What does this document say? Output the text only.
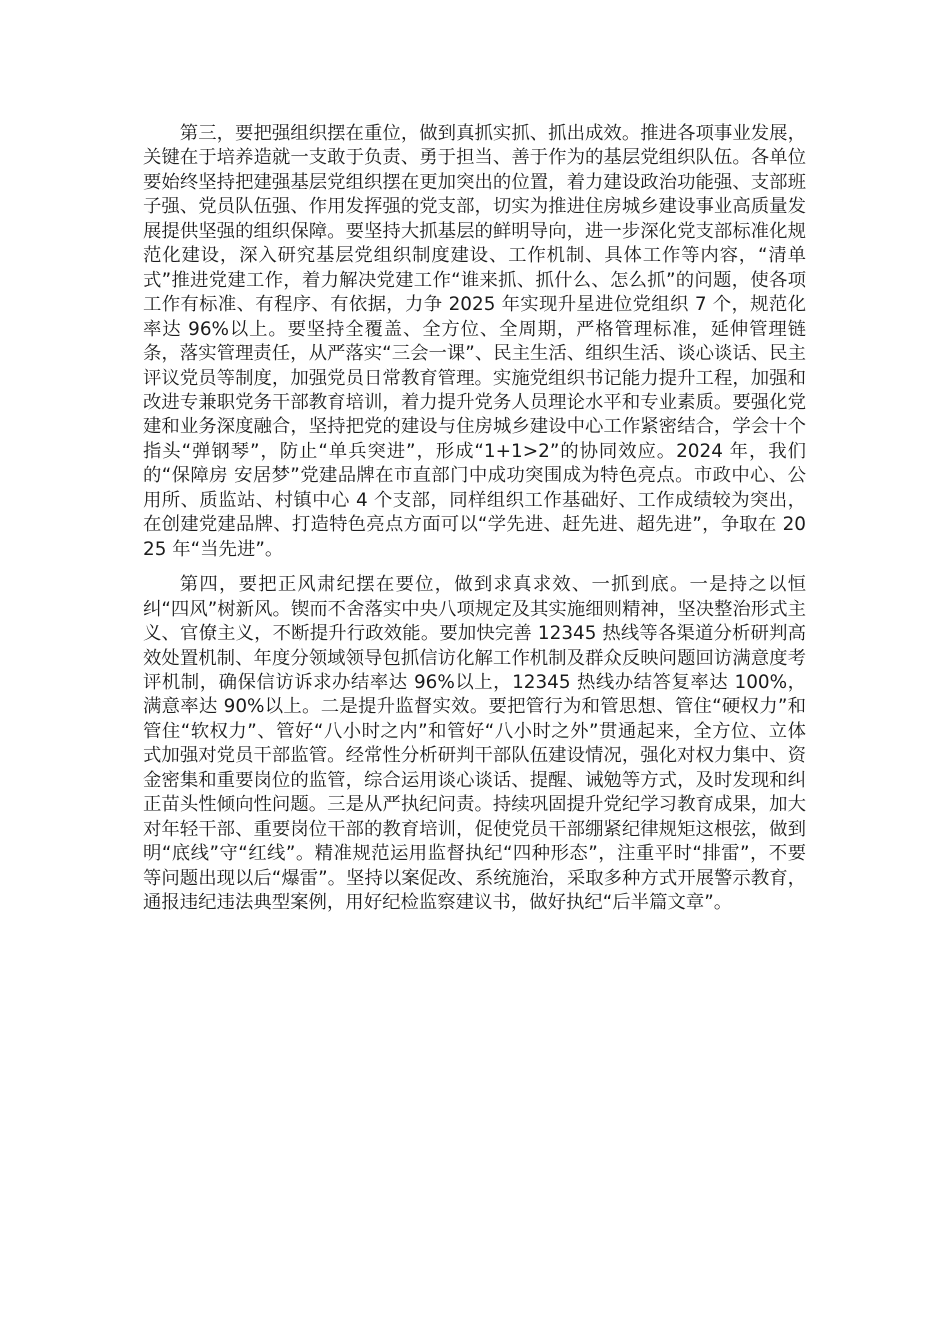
第三，要把强组织摆在重位，做到真抓实抓、抓出成效。推进各项事业发展，关键在于培养造就一支敢于负责、勇于担当、善于作为的基层党组织队伍。各单位要始终坚持把建强基层党组织摆在更加突出的位置，着力建设政治功能强、支部班子强、党员队伍强、作用发挥强的党支部，切实为推进住房城乡建设事业高质量发展提供坚强的组织保障。要坚持大抓基层的鲜明导向，进一步深化党支部标准化规范化建设，深入研究基层党组织制度建设、工作机制、具体工作等内容，“清单式”推进党建工作，着力解决党建工作“谁来抓、抓什么、怎么抓”的问题，使各项工作有标准、有程序、有依据，力争 2025 年实现升星进位党组织 7 个，规范化率达 96%以上。要坚持全覆盖、全方位、全周期，严格管理标准，延伸管理链条，落实管理责任，从严落实“三会一课”、民主生活、组织生活、谈心谈话、民主评议党员等制度，加强党员日常教育管理。实施党组织书记能力提升工程，加强和改进专兼职党务干部教育培训，着力提升党务人员理论水平和专业素质。要强化党建和业务深度融合，坚持把党的建设与住房城乡建设中心工作紧密结合，学会十个指头“弹钢琴”，防止“单兵突进”，形成“1+1>2”的协同效应。2024 年，我们的“保障房 安居梦”党建品牌在市直部门中成功突围成为特色亮点。市政中心、公用所、质监站、村镇中心 4 个支部，同样组织工作基础好、工作成绩较为突出，在创建党建品牌、打造特色亮点方面可以“学先进、赶先进、超先进”，争取在 2025 年“当先进”。

第四，要把正风肃纪摆在要位，做到求真求效、一抓到底。一是持之以恒纠“四风”树新风。锲而不舍落实中央八项规定及其实施细则精神，坚决整治形式主义、官僚主义，不断提升行政效能。要加快完善 12345 热线等各渠道分析研判高效处置机制、年度分领域领导包抓信访化解工作机制及群众反映问题回访满意度考评机制，确保信访诉求办结率达 96%以上，12345 热线办结答复率达 100%，满意率达 90%以上。二是提升监督实效。要把管行为和管思想、管住“硬权力”和管住“软权力”、管好“八小时之内”和管好“八小时之外”贯通起来，全方位、立体式加强对党员干部监管。经常性分析研判干部队伍建设情况，强化对权力集中、资金密集和重要岗位的监管，综合运用谈心谈话、提醒、诫勉等方式，及时发现和纠正苗头性倾向性问题。三是从严执纪问责。持续巩固提升党纪学习教育成果，加大对年轻干部、重要岗位干部的教育培训，促使党员干部绷紧纪律规矩这根弦，做到明“底线”守“红线”。精准规范运用监督执纪“四种形态”，注重平时“排雷”，不要等问题出现以后“爆雷”。坚持以案促改、系统施治，采取多种方式开展警示教育，通报违纪违法典型案例，用好纪检监察建议书，做好执纪“后半篇文章”。
